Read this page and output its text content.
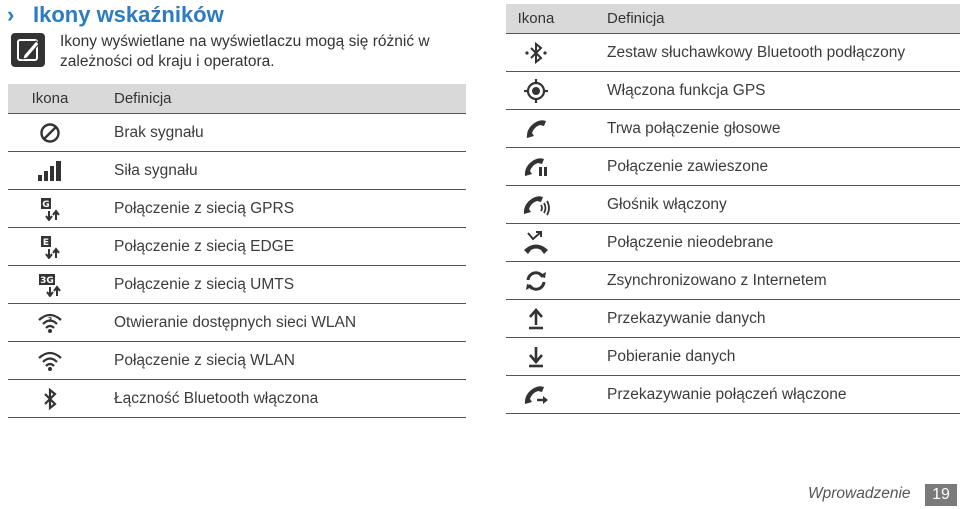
› Ikony wskaźników
Ikony wyświetlane na wyświetlaczu mogą się różnić w zależności od kraju i operatora.
Ikona	Definicja
	Brak sygnału
	Siła sygnału

G	Połączenie z siecią GPRS

E	Połączenie z siecią EDGE

3G	Połączenie z siecią UMTS

?	Otwieranie dostępnych sieci WLAN
	Połączenie z siecią WLAN
	Łączność Bluetooth włączona
Ikona	Definicja
	Zestaw słuchawkowy Bluetooth podłączony
	Włączona funkcja GPS
	Trwa połączenie głosowe
	Połączenie zawieszone
	Głośnik włączony
	Połączenie nieodebrane
	Zsynchronizowano z Internetem
	Przekazywanie danych
	Pobieranie danych
	Przekazywanie połączeń włączone
Wprowadzenie	19
